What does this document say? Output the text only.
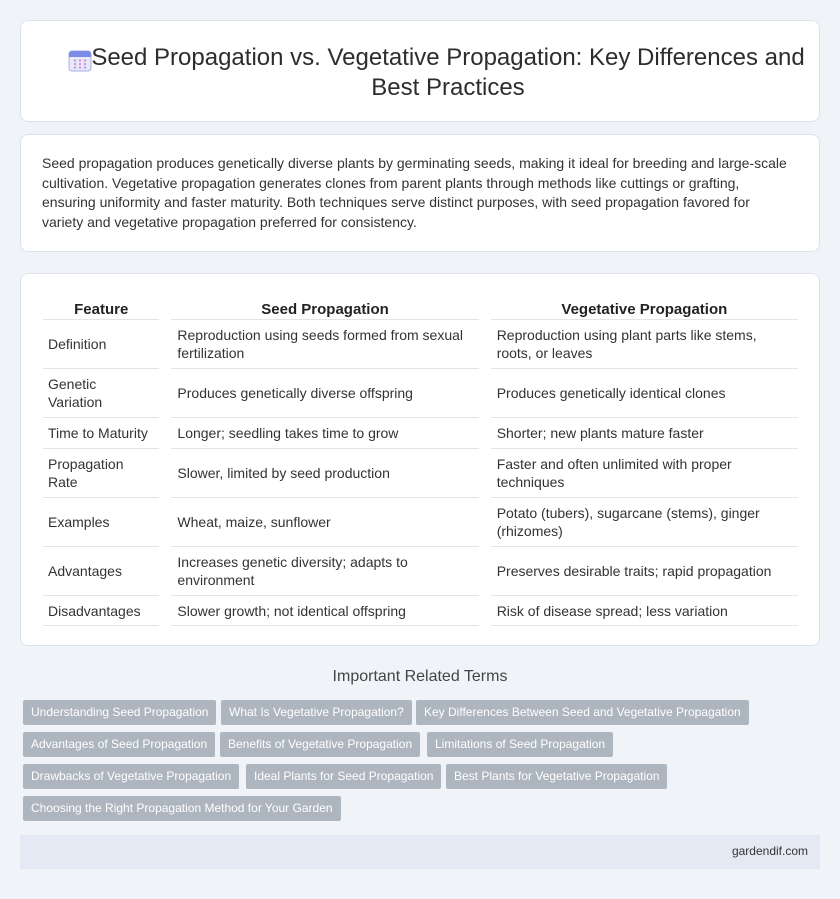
Seed Propagation vs. Vegetative Propagation: Key Differences and Best Practices

Seed propagation produces genetically diverse plants by germinating seeds, making it ideal for breeding and large-scale cultivation. Vegetative propagation generates clones from parent plants through methods like cuttings or grafting, ensuring uniformity and faster maturity. Both techniques serve distinct purposes, with seed propagation favored for variety and vegetative propagation preferred for consistency.

Feature		Seed Propagation		Vegetative Propagation
Definition		Reproduction using seeds formed from sexual fertilization		Reproduction using plant parts like stems, roots, or leaves
Genetic Variation		Produces genetically diverse offspring		Produces genetically identical clones
Time to Maturity		Longer; seedling takes time to grow		Shorter; new plants mature faster
Propagation Rate		Slower, limited by seed production		Faster and often unlimited with proper techniques
Examples		Wheat, maize, sunflower		Potato (tubers), sugarcane (stems), ginger (rhizomes)
Advantages		Increases genetic diversity; adapts to environment		Preserves desirable traits; rapid propagation
Disadvantages		Slower growth; not identical offspring		Risk of disease spread; less variation
Important Related Terms
Understanding Seed Propagation	What Is Vegetative Propagation?	Key Differences Between Seed and Vegetative Propagation
Advantages of Seed Propagation	Benefits of Vegetative Propagation	Limitations of Seed Propagation
Drawbacks of Vegetative Propagation	Ideal Plants for Seed Propagation	Best Plants for Vegetative Propagation
Choosing the Right Propagation Method for Your Garden
gardendif.com
